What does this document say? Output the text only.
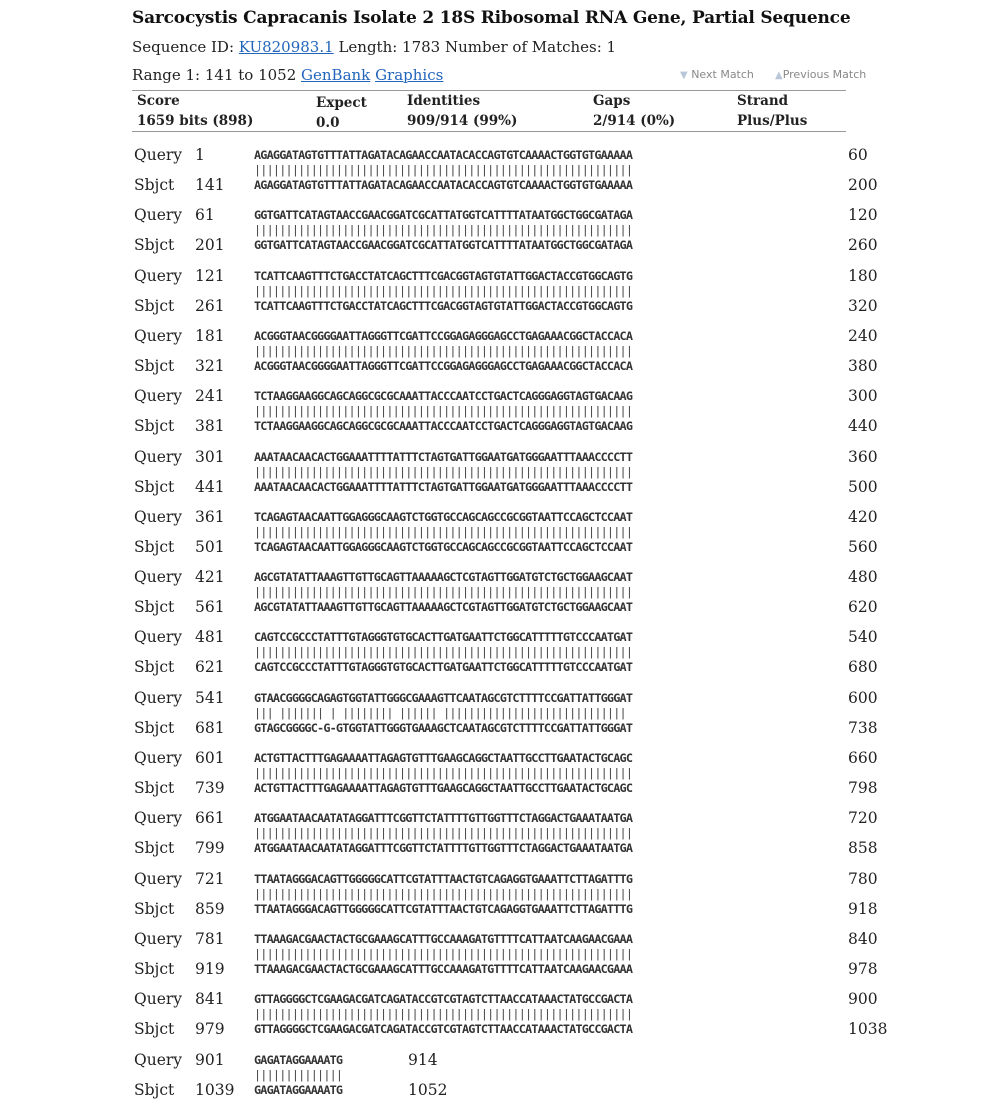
Sarcocystis Capracanis Isolate 2 18S Ribosomal RNA Gene, Partial Sequence
Sequence ID: KU820983.1 Length: 1783 Number of Matches: 1
Range 1: 141 to 1052 GenBank Graphics	▼ Next Match ▲Previous Match
Score
1659 bits (898)
Expect
0.0
Identities
909/914 (99%)
Gaps
2/914 (0%)
Strand
Plus/Plus
Query 1	AGAGGATAGTGTTTATTAGATACAGAACCAATACACCAGTGTCAAAACTGGTGTGAAAAA	60
||||||||||||||||||||||||||||||||||||||||||||||||||||||||||||
Sbjct 141 AGAGGATAGTGTTTATTAGATACAGAACCAATACACCAGTGTCAAAACTGGTGTGAAAAA	200
Query 61	GGTGATTCATAGTAACCGAACGGATCGCATTATGGTCATTTTATAATGGCTGGCGATAGA	120
||||||||||||||||||||||||||||||||||||||||||||||||||||||||||||
Sbjct 201 GGTGATTCATAGTAACCGAACGGATCGCATTATGGTCATTTTATAATGGCTGGCGATAGA	260
Query 121 TCATTCAAGTTTCTGACCTATCAGCTTTCGACGGTAGTGTATTGGACTACCGTGGCAGTG	180
||||||||||||||||||||||||||||||||||||||||||||||||||||||||||||
Sbjct 261 TCATTCAAGTTTCTGACCTATCAGCTTTCGACGGTAGTGTATTGGACTACCGTGGCAGTG	320
Query 181 ACGGGTAACGGGGAATTAGGGTTCGATTCCGGAGAGGGAGCCTGAGAAACGGCTACCACA	240
||||||||||||||||||||||||||||||||||||||||||||||||||||||||||||
Sbjct 321 ACGGGTAACGGGGAATTAGGGTTCGATTCCGGAGAGGGAGCCTGAGAAACGGCTACCACA	380
Query 241 TCTAAGGAAGGCAGCAGGCGCGCAAATTACCCAATCCTGACTCAGGGAGGTAGTGACAAG	300
||||||||||||||||||||||||||||||||||||||||||||||||||||||||||||
Sbjct 381 TCTAAGGAAGGCAGCAGGCGCGCAAATTACCCAATCCTGACTCAGGGAGGTAGTGACAAG	440
Query 301 AAATAACAACACTGGAAATTTTATTTCTAGTGATTGGAATGATGGGAATTTAAACCCCTT	360
||||||||||||||||||||||||||||||||||||||||||||||||||||||||||||
Sbjct 441 AAATAACAACACTGGAAATTTTATTTCTAGTGATTGGAATGATGGGAATTTAAACCCCTT	500
Query 361 TCAGAGTAACAATTGGAGGGCAAGTCTGGTGCCAGCAGCCGCGGTAATTCCAGCTCCAAT	420
||||||||||||||||||||||||||||||||||||||||||||||||||||||||||||
Sbjct 501 TCAGAGTAACAATTGGAGGGCAAGTCTGGTGCCAGCAGCCGCGGTAATTCCAGCTCCAAT	560
Query 421 AGCGTATATTAAAGTTGTTGCAGTTAAAAAGCTCGTAGTTGGATGTCTGCTGGAAGCAAT	480
||||||||||||||||||||||||||||||||||||||||||||||||||||||||||||
Sbjct 561 AGCGTATATTAAAGTTGTTGCAGTTAAAAAGCTCGTAGTTGGATGTCTGCTGGAAGCAAT	620
Query 481 CAGTCCGCCCTATTTGTAGGGTGTGCACTTGATGAATTCTGGCATTTTTGTCCCAATGAT	540
||||||||||||||||||||||||||||||||||||||||||||||||||||||||||||
Sbjct 621 CAGTCCGCCCTATTTGTAGGGTGTGCACTTGATGAATTCTGGCATTTTTGTCCCAATGAT	680
Query 541 GTAACGGGGCAGAGTGGTATTGGGCGAAAGTTCAATAGCGTCTTTTCCGATTATTGGGAT	600
||| ||||||| | |||||||| |||||| |||||||||||||||||||||||||||||
Sbjct 681 GTAGCGGGGC-G-GTGGTATTGGGTGAAAGCTCAATAGCGTCTTTTCCGATTATTGGGAT	738
Query 601 ACTGTTACTTTGAGAAAATTAGAGTGTTTGAAGCAGGCTAATTGCCTTGAATACTGCAGC	660
||||||||||||||||||||||||||||||||||||||||||||||||||||||||||||
Sbjct 739 ACTGTTACTTTGAGAAAATTAGAGTGTTTGAAGCAGGCTAATTGCCTTGAATACTGCAGC	798
Query 661 ATGGAATAACAATATAGGATTTCGGTTCTATTTTGTTGGTTTCTAGGACTGAAATAATGA	720
||||||||||||||||||||||||||||||||||||||||||||||||||||||||||||
Sbjct 799 ATGGAATAACAATATAGGATTTCGGTTCTATTTTGTTGGTTTCTAGGACTGAAATAATGA	858
Query 721 TTAATAGGGACAGTTGGGGGCATTCGTATTTAACTGTCAGAGGTGAAATTCTTAGATTTG	780
||||||||||||||||||||||||||||||||||||||||||||||||||||||||||||
Sbjct 859 TTAATAGGGACAGTTGGGGGCATTCGTATTTAACTGTCAGAGGTGAAATTCTTAGATTTG	918
Query 781 TTAAAGACGAACTACTGCGAAAGCATTTGCCAAAGATGTTTTCATTAATCAAGAACGAAA	840
||||||||||||||||||||||||||||||||||||||||||||||||||||||||||||
Sbjct 919 TTAAAGACGAACTACTGCGAAAGCATTTGCCAAAGATGTTTTCATTAATCAAGAACGAAA	978
Query 841 GTTAGGGGCTCGAAGACGATCAGATACCGTCGTAGTCTTAACCATAAACTATGCCGACTA	900
||||||||||||||||||||||||||||||||||||||||||||||||||||||||||||
Sbjct 979 GTTAGGGGCTCGAAGACGATCAGATACCGTCGTAGTCTTAACCATAAACTATGCCGACTA	1038
Query 901 GAGATAGGAAAATG	914
||||||||||||||
Sbjct 1039 GAGATAGGAAAATG	1052
